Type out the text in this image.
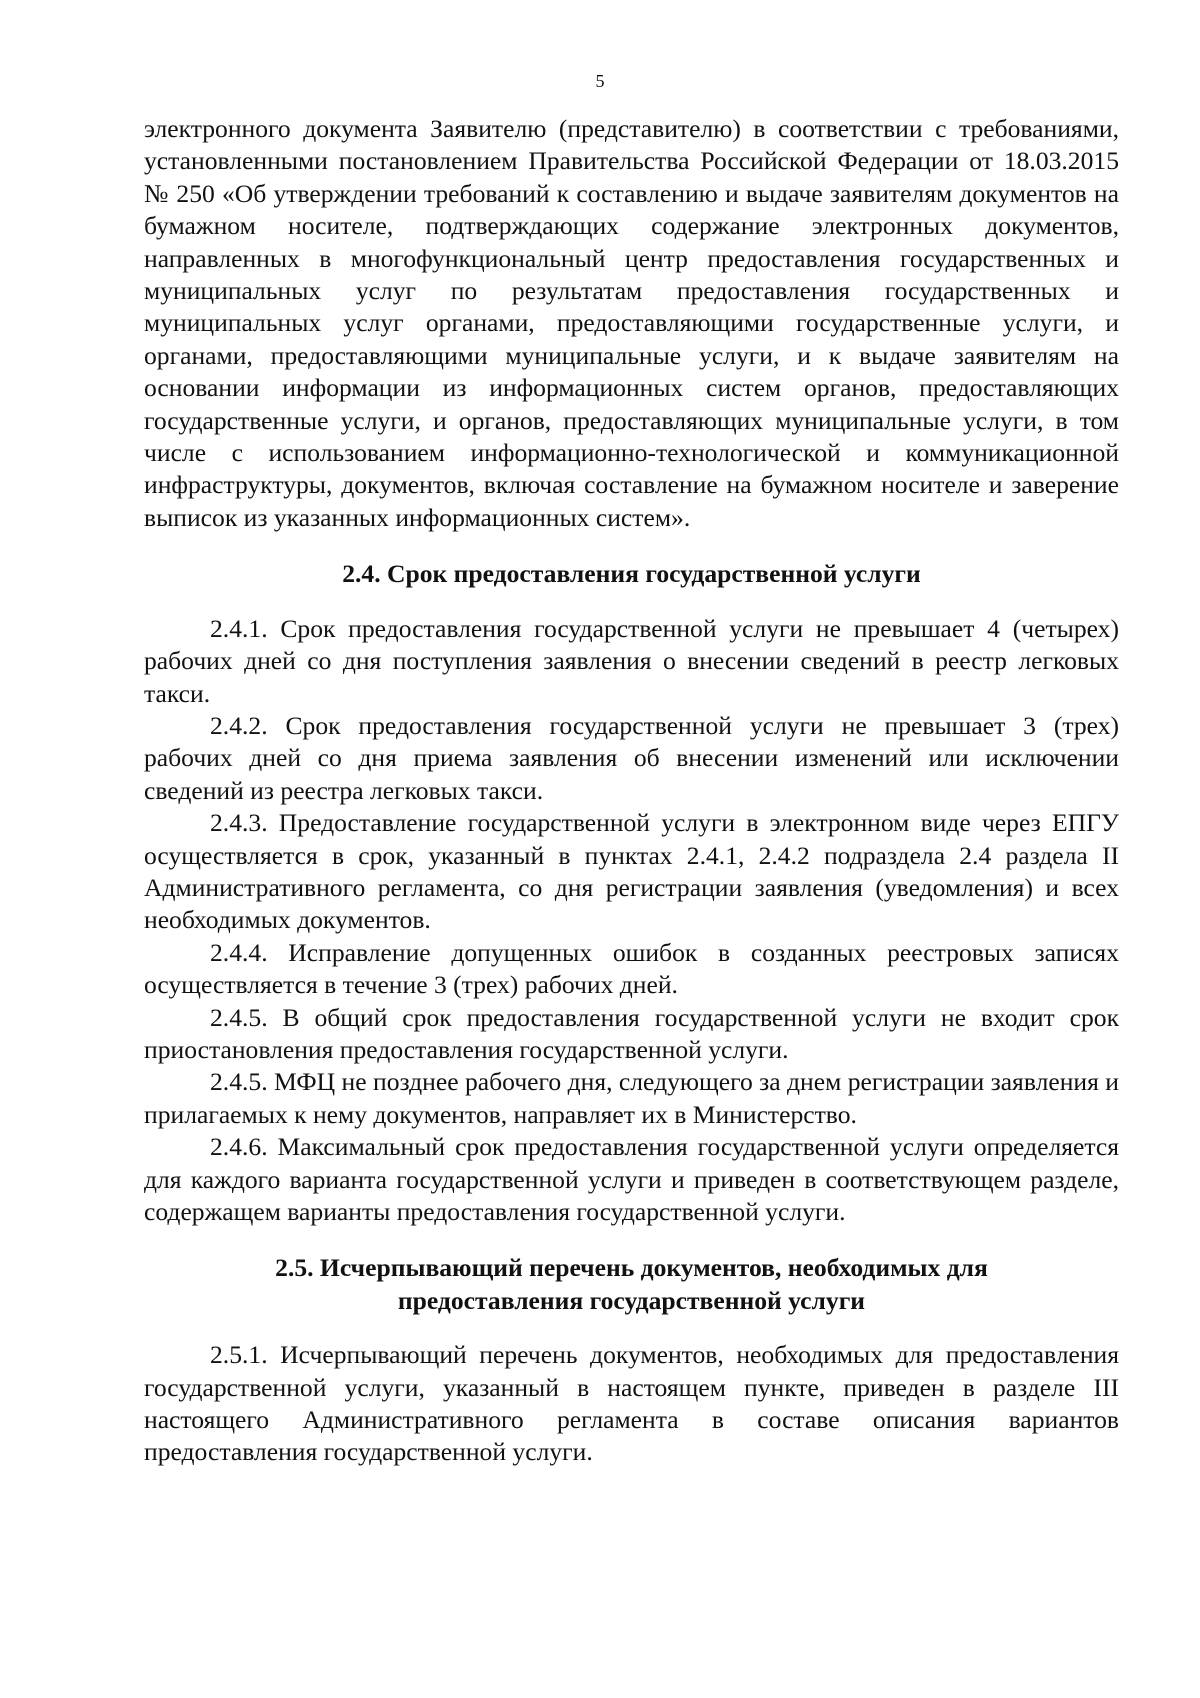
5

электронного документа Заявителю (представителю) в соответствии с требованиями, установленными постановлением Правительства Российской Федерации от 18.03.2015 № 250 «Об утверждении требований к составлению и выдаче заявителям документов на бумажном носителе, подтверждающих содержание электронных документов, направленных в многофункциональный центр предоставления государственных и муниципальных услуг по результатам предоставления государственных и муниципальных услуг органами, предоставляющими государственные услуги, и органами, предоставляющими муниципальные услуги, и к выдаче заявителям на основании информации из информационных систем органов, предоставляющих государственные услуги, и органов, предоставляющих муниципальные услуги, в том числе с использованием информационно-технологической и коммуникационной инфраструктуры, документов, включая составление на бумажном носителе и заверение выписок из указанных информационных систем».

2.4. Срок предоставления государственной услуги

2.4.1. Срок предоставления государственной услуги не превышает 4 (четырех) рабочих дней со дня поступления заявления о внесении сведений в реестр легковых такси.

2.4.2. Срок предоставления государственной услуги не превышает 3 (трех) рабочих дней со дня приема заявления об внесении изменений или исключении сведений из реестра легковых такси.

2.4.3. Предоставление государственной услуги в электронном виде через ЕПГУ осуществляется в срок, указанный в пунктах 2.4.1, 2.4.2 подраздела 2.4 раздела II Административного регламента, со дня регистрации заявления (уведомления) и всех необходимых документов.

2.4.4. Исправление допущенных ошибок в созданных реестровых записях осуществляется в течение 3 (трех) рабочих дней.

2.4.5. В общий срок предоставления государственной услуги не входит срок приостановления предоставления государственной услуги.

2.4.5. МФЦ не позднее рабочего дня, следующего за днем регистрации заявления и прилагаемых к нему документов, направляет их в Министерство.

2.4.6. Максимальный срок предоставления государственной услуги определяется для каждого варианта государственной услуги и приведен в соответствующем разделе, содержащем варианты предоставления государственной услуги.

2.5. Исчерпывающий перечень документов, необходимых для
предоставления государственной услуги

2.5.1. Исчерпывающий перечень документов, необходимых для предоставления государственной услуги, указанный в настоящем пункте, приведен в разделе III настоящего Административного регламента в составе описания вариантов предоставления государственной услуги.
